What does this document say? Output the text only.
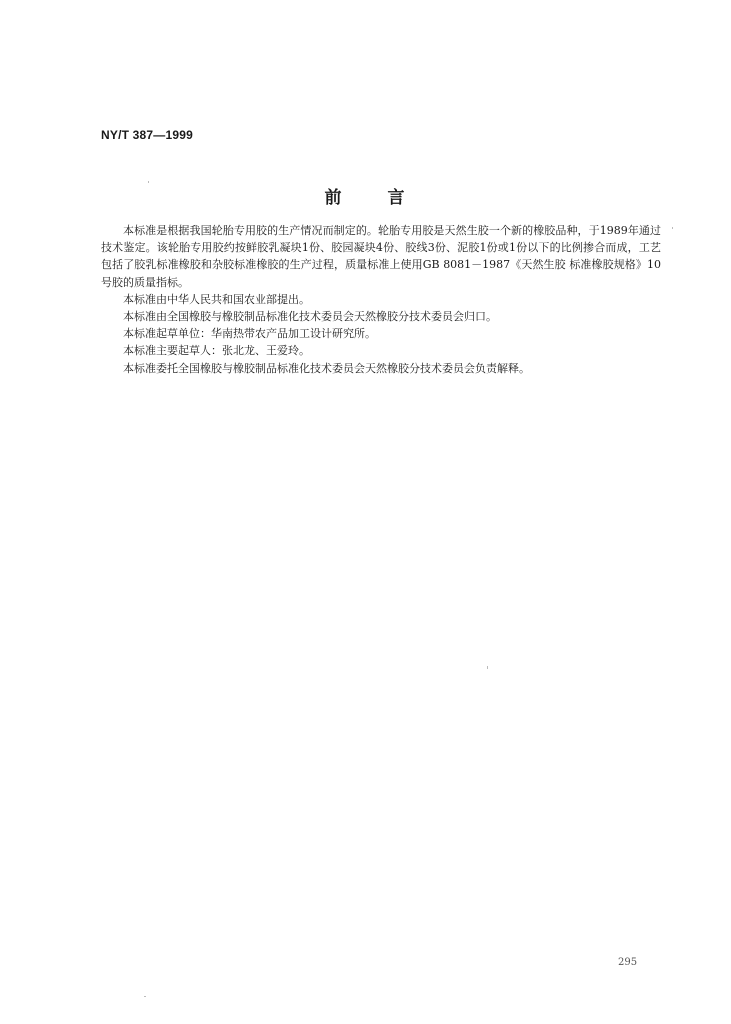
NY/T 387—1999
前	言

本标准是根据我国轮胎专用胶的生产情况而制定的。轮胎专用胶是天然生胶一个新的橡胶品种，于1989年通过技术鉴定。该轮胎专用胶约按鲜胶乳凝块1份、胶园凝块4份、胶线3份、泥胶1份或1份以下的比例掺合而成，工艺包括了胶乳标准橡胶和杂胶标准橡胶的生产过程，质量标准上使用GB 8081－1987《天然生胶 标准橡胶规格》10号胶的质量指标。

本标准由中华人民共和国农业部提出。

本标准由全国橡胶与橡胶制品标准化技术委员会天然橡胶分技术委员会归口。

本标准起草单位：华南热带农产品加工设计研究所。

本标准主要起草人：张北龙、王爱玲。

本标准委托全国橡胶与橡胶制品标准化技术委员会天然橡胶分技术委员会负责解释。

295
